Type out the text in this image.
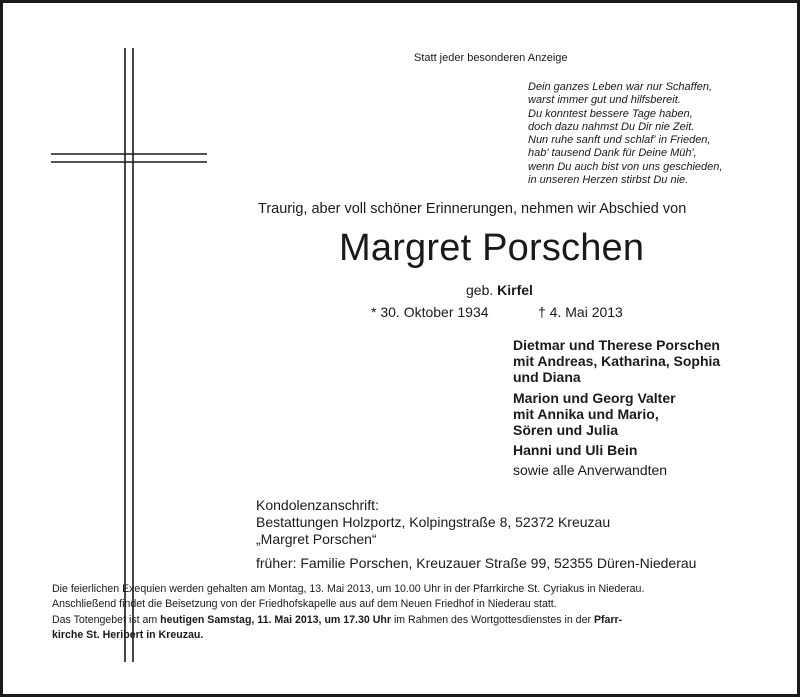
Statt jeder besonderen Anzeige
Dein ganzes Leben war nur Schaffen,
warst immer gut und hilfsbereit.
Du konntest bessere Tage haben,
doch dazu nahmst Du Dir nie Zeit.
Nun ruhe sanft und schlaf' in Frieden,
hab' tausend Dank für Deine Müh',
wenn Du auch bist von uns geschieden,
in unseren Herzen stirbst Du nie.
Traurig, aber voll schöner Erinnerungen, nehmen wir Abschied von
Margret Porschen
geb. Kirfel
* 30. Oktober 1934	† 4. Mai 2013
Dietmar und Therese Porschen
mit Andreas, Katharina, Sophia
und Diana
Marion und Georg Valter
mit Annika und Mario,
Sören und Julia
Hanni und Uli Bein
sowie alle Anverwandten
Kondolenzanschrift:
Bestattungen Holzportz, Kolpingstraße 8, 52372 Kreuzau
„Margret Porschen“
früher: Familie Porschen, Kreuzauer Straße 99, 52355 Düren-Niederau
Die feierlichen Exequien werden gehalten am Montag, 13. Mai 2013, um 10.00 Uhr in der Pfarrkirche St. Cyriakus in Niederau.
Anschließend findet die Beisetzung von der Friedhofskapelle aus auf dem Neuen Friedhof in Niederau statt.
Das Totengebet ist am heutigen Samstag, 11. Mai 2013, um 17.30 Uhr im Rahmen des Wortgottesdienstes in der Pfarr-
kirche St. Heribert in Kreuzau.
